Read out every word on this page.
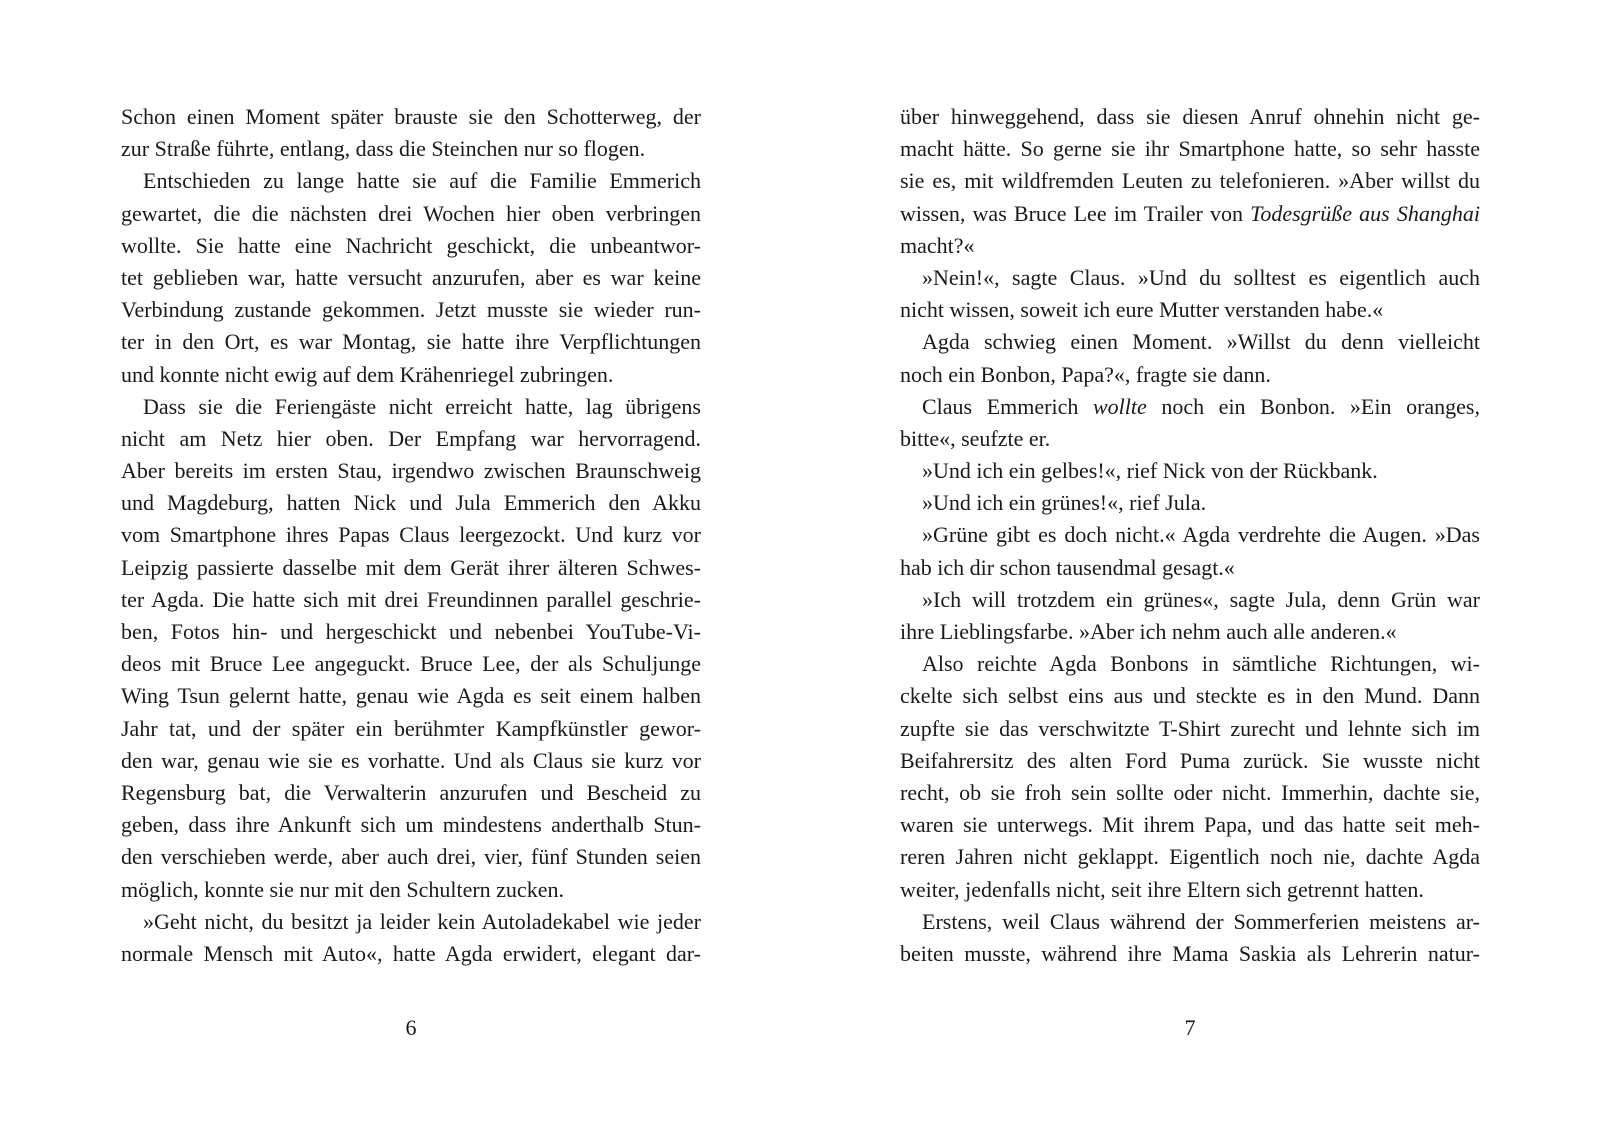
Schon einen Moment später brauste sie den Schotterweg, der
zur Straße führte, entlang, dass die Steinchen nur so flogen.
Entschieden zu lange hatte sie auf die Familie Emmerich
gewartet, die die nächsten drei Wochen hier oben verbringen
wollte. Sie hatte eine Nachricht geschickt, die unbeantwor-
tet geblieben war, hatte versucht anzurufen, aber es war keine
Verbindung zustande gekommen. Jetzt musste sie wieder run-
ter in den Ort, es war Montag, sie hatte ihre Verpflichtungen
und konnte nicht ewig auf dem Krähenriegel zubringen.
Dass sie die Feriengäste nicht erreicht hatte, lag übrigens
nicht am Netz hier oben. Der Empfang war hervorragend.
Aber bereits im ersten Stau, irgendwo zwischen Braunschweig
und Magdeburg, hatten Nick und Jula Emmerich den Akku
vom Smartphone ihres Papas Claus leergezockt. Und kurz vor
Leipzig passierte dasselbe mit dem Gerät ihrer älteren Schwes-
ter Agda. Die hatte sich mit drei Freundinnen parallel geschrie-
ben, Fotos hin- und hergeschickt und nebenbei YouTube-Vi-
deos mit Bruce Lee angeguckt. Bruce Lee, der als Schuljunge
Wing Tsun gelernt hatte, genau wie Agda es seit einem halben
Jahr tat, und der später ein berühmter Kampfkünstler gewor-
den war, genau wie sie es vorhatte. Und als Claus sie kurz vor
Regensburg bat, die Verwalterin anzurufen und Bescheid zu
geben, dass ihre Ankunft sich um mindestens anderthalb Stun-
den verschieben werde, aber auch drei, vier, fünf Stunden seien
möglich, konnte sie nur mit den Schultern zucken.
»Geht nicht, du besitzt ja leider kein Autoladekabel wie jeder
normale Mensch mit Auto«, hatte Agda erwidert, elegant dar-
6
über hinweggehend, dass sie diesen Anruf ohnehin nicht ge-
macht hätte. So gerne sie ihr Smartphone hatte, so sehr hasste
sie es, mit wildfremden Leuten zu telefonieren. »Aber willst du
wissen, was Bruce Lee im Trailer von Todesgrüße aus Shanghai
macht?«
»Nein!«, sagte Claus. »Und du solltest es eigentlich auch
nicht wissen, soweit ich eure Mutter verstanden habe.«
Agda schwieg einen Moment. »Willst du denn vielleicht
noch ein Bonbon, Papa?«, fragte sie dann.
Claus Emmerich wollte noch ein Bonbon. »Ein oranges,
bitte«, seufzte er.
»Und ich ein gelbes!«, rief Nick von der Rückbank.
»Und ich ein grünes!«, rief Jula.
»Grüne gibt es doch nicht.« Agda verdrehte die Augen. »Das
hab ich dir schon tausendmal gesagt.«
»Ich will trotzdem ein grünes«, sagte Jula, denn Grün war
ihre Lieblingsfarbe. »Aber ich nehm auch alle anderen.«
Also reichte Agda Bonbons in sämtliche Richtungen, wi-
ckelte sich selbst eins aus und steckte es in den Mund. Dann
zupfte sie das verschwitzte T-Shirt zurecht und lehnte sich im
Beifahrersitz des alten Ford Puma zurück. Sie wusste nicht
recht, ob sie froh sein sollte oder nicht. Immerhin, dachte sie,
waren sie unterwegs. Mit ihrem Papa, und das hatte seit meh-
reren Jahren nicht geklappt. Eigentlich noch nie, dachte Agda
weiter, jedenfalls nicht, seit ihre Eltern sich getrennt hatten.
Erstens, weil Claus während der Sommerferien meistens ar-
beiten musste, während ihre Mama Saskia als Lehrerin natur-
7
